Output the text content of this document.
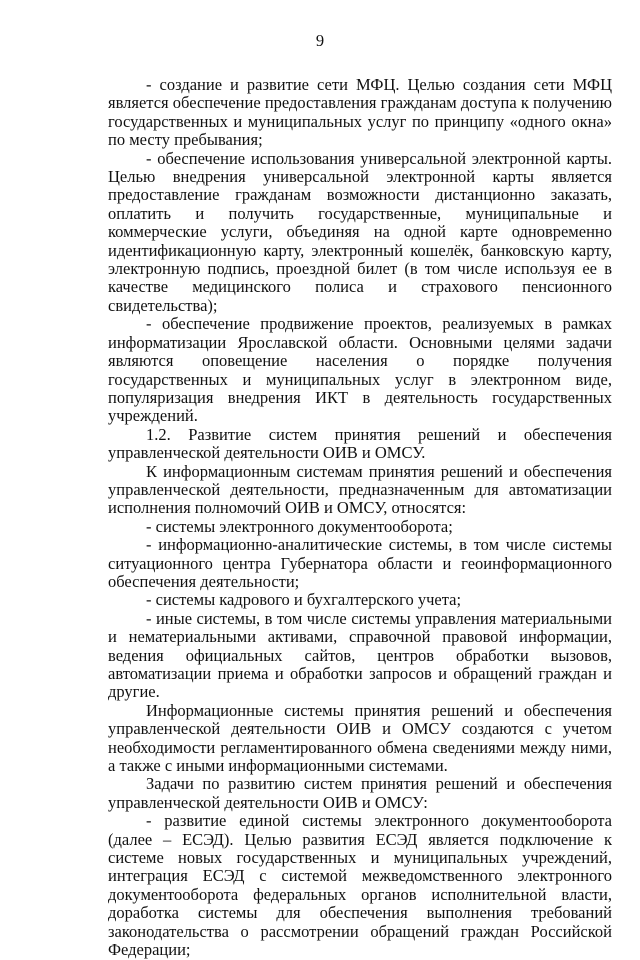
9

- создание и развитие сети МФЦ. Целью создания сети МФЦ является обеспечение предоставления гражданам доступа к получению государственных и муниципальных услуг по принципу «одного окна» по месту пребывания;

- обеспечение использования универсальной электронной карты. Целью внедрения универсальной электронной карты является предоставление гражданам возможности дистанционно заказать, оплатить и получить государственные, муниципальные и коммерческие услуги, объединяя на одной карте одновременно идентификационную карту, электронный кошелёк, банковскую карту, электронную подпись, проездной билет (в том числе используя ее в качестве медицинского полиса и страхового пенсионного свидетельства);

- обеспечение продвижение проектов, реализуемых в рамках информатизации Ярославской области. Основными целями задачи являются оповещение населения о порядке получения государственных и муниципальных услуг в электронном виде, популяризация внедрения ИКТ в деятельность государственных учреждений.

1.2. Развитие систем принятия решений и обеспечения управленческой деятельности ОИВ и ОМСУ.

К информационным системам принятия решений и обеспечения управленческой деятельности, предназначенным для автоматизации исполнения полномочий ОИВ и ОМСУ, относятся:

- системы электронного документооборота;

- информационно-аналитические системы, в том числе системы ситуационного центра Губернатора области и геоинформационного обеспечения деятельности;

- системы кадрового и бухгалтерского учета;

- иные системы, в том числе системы управления материальными и нематериальными активами, справочной правовой информации, ведения официальных сайтов, центров обработки вызовов, автоматизации приема и обработки запросов и обращений граждан и другие.

Информационные системы принятия решений и обеспечения управленческой деятельности ОИВ и ОМСУ создаются с учетом необходимости регламентированного обмена сведениями между ними, а также с иными информационными системами.

Задачи по развитию систем принятия решений и обеспечения управленческой деятельности ОИВ и ОМСУ:

- развитие единой системы электронного документооборота (далее – ЕСЭД). Целью развития ЕСЭД является подключение к системе новых государственных и муниципальных учреждений, интеграция ЕСЭД с системой межведомственного электронного документооборота федеральных органов исполнительной власти, доработка системы для обеспечения выполнения требований законодательства о рассмотрении обращений граждан Российской Федерации;
